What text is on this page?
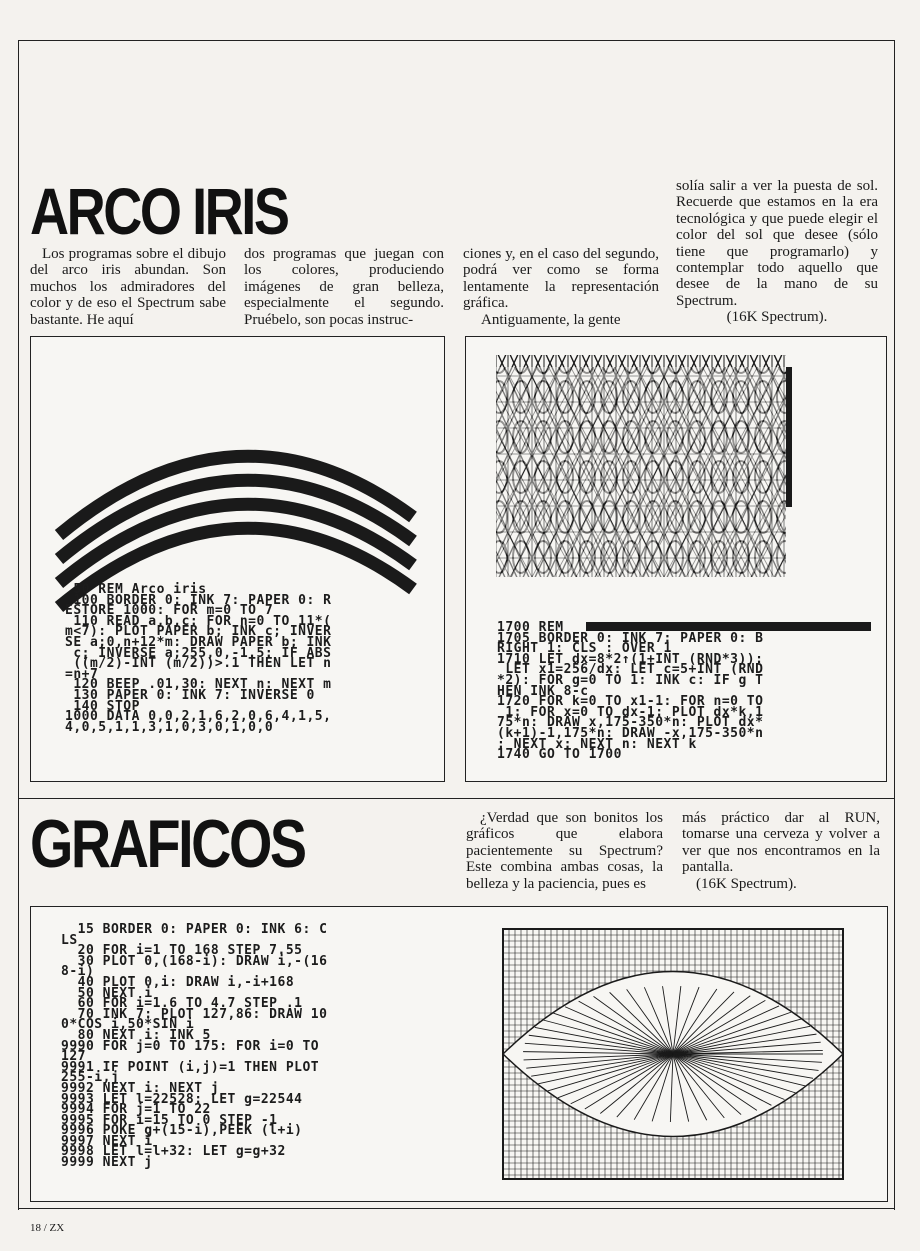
ARCO IRIS

Los programas sobre el dibujo del arco iris abundan. Son muchos los admiradores del color y de eso el Spectrum sabe bastante. He aquí

dos programas que juegan con los colores, produciendo imágenes de gran belleza, especialmente el segundo. Pruébelo, son pocas instruc-

ciones y, en el caso del segundo, podrá ver como se forma lentamente la representación gráfica.

Antiguamente, la gente

solía salir a ver la puesta de sol. Recuerde que estamos en la era tecnológica y que puede elegir el color del sol que desee (sólo tiene que programarlo) y contemplar todo aquello que desee de la mano de su Spectrum.

(16K Spectrum).

50 REM Arco iris
100 BORDER 0: INK 7: PAPER 0: R
ESTORE 1000: FOR m=0 TO 7
110 READ a,b,c: FOR n=0 TO 11*(
m<7): PLOT PAPER b; INK c; INVER
SE a;0,n+12*m: DRAW PAPER b; INK
c; INVERSE a;255,0,-1.5: IF ABS
((m/2)-INT (m/2))>.1 THEN LET n
=n+7
120 BEEP .01,30: NEXT n: NEXT m
130 PAPER 0: INK 7: INVERSE 0
140 STOP
1000 DATA 0,0,2,1,6,2,0,6,4,1,5,
4,0,5,1,1,3,1,0,3,0,1,0,0
1700 REM
1705 BORDER 0: INK 7: PAPER 0: B
RIGHT 1: CLS : OVER 1
1710 LET dx=8*2↑(1+INT (RND*3)):
LET x1=256/dx: LET c=5+INT (RND
*2): FOR g=0 TO 1: INK c: IF g T
HEN INK 8-c
1720 FOR k=0 TO x1-1: FOR n=0 TO
1: FOR x=0 TO dx-1: PLOT dx*k,1
75*n: DRAW x,175-350*n: PLOT dx*
(k+1)-1,175*n: DRAW -x,175-350*n
: NEXT x: NEXT n: NEXT k
1740 GO TO 1700
GRAFICOS	¿Verdad que son bonitos los gráficos que elabora pacientemente su Spectrum? Este combina ambas cosas, la belleza y la paciencia, pues es

más práctico dar al RUN, tomarse una cerveza y volver a ver que nos encontramos en la pantalla.

(16K Spectrum).

15 BORDER 0: PAPER 0: INK 6: C
LS
20 FOR i=1 TO 168 STEP 7.55
30 PLOT 0,(168-i): DRAW i,-(16
8-i)
40 PLOT 0,i: DRAW i,-i+168
50 NEXT i
60 FOR i=1.6 TO 4.7 STEP .1
70 INK 7: PLOT 127,86: DRAW 10
0*COS i,50*SIN i
80 NEXT i: INK 5
9990 FOR j=0 TO 175: FOR i=0 TO
127
9991 IF POINT (i,j)=1 THEN PLOT
255-i,j
9992 NEXT i: NEXT j
9993 LET l=22528: LET g=22544
9994 FOR j=1 TO 22
9995 FOR i=15 TO 0 STEP -1
9996 POKE g+(15-i),PEEK (l+i)
9997 NEXT i
9998 LET l=l+32: LET g=g+32
9999 NEXT j
18 / ZX
